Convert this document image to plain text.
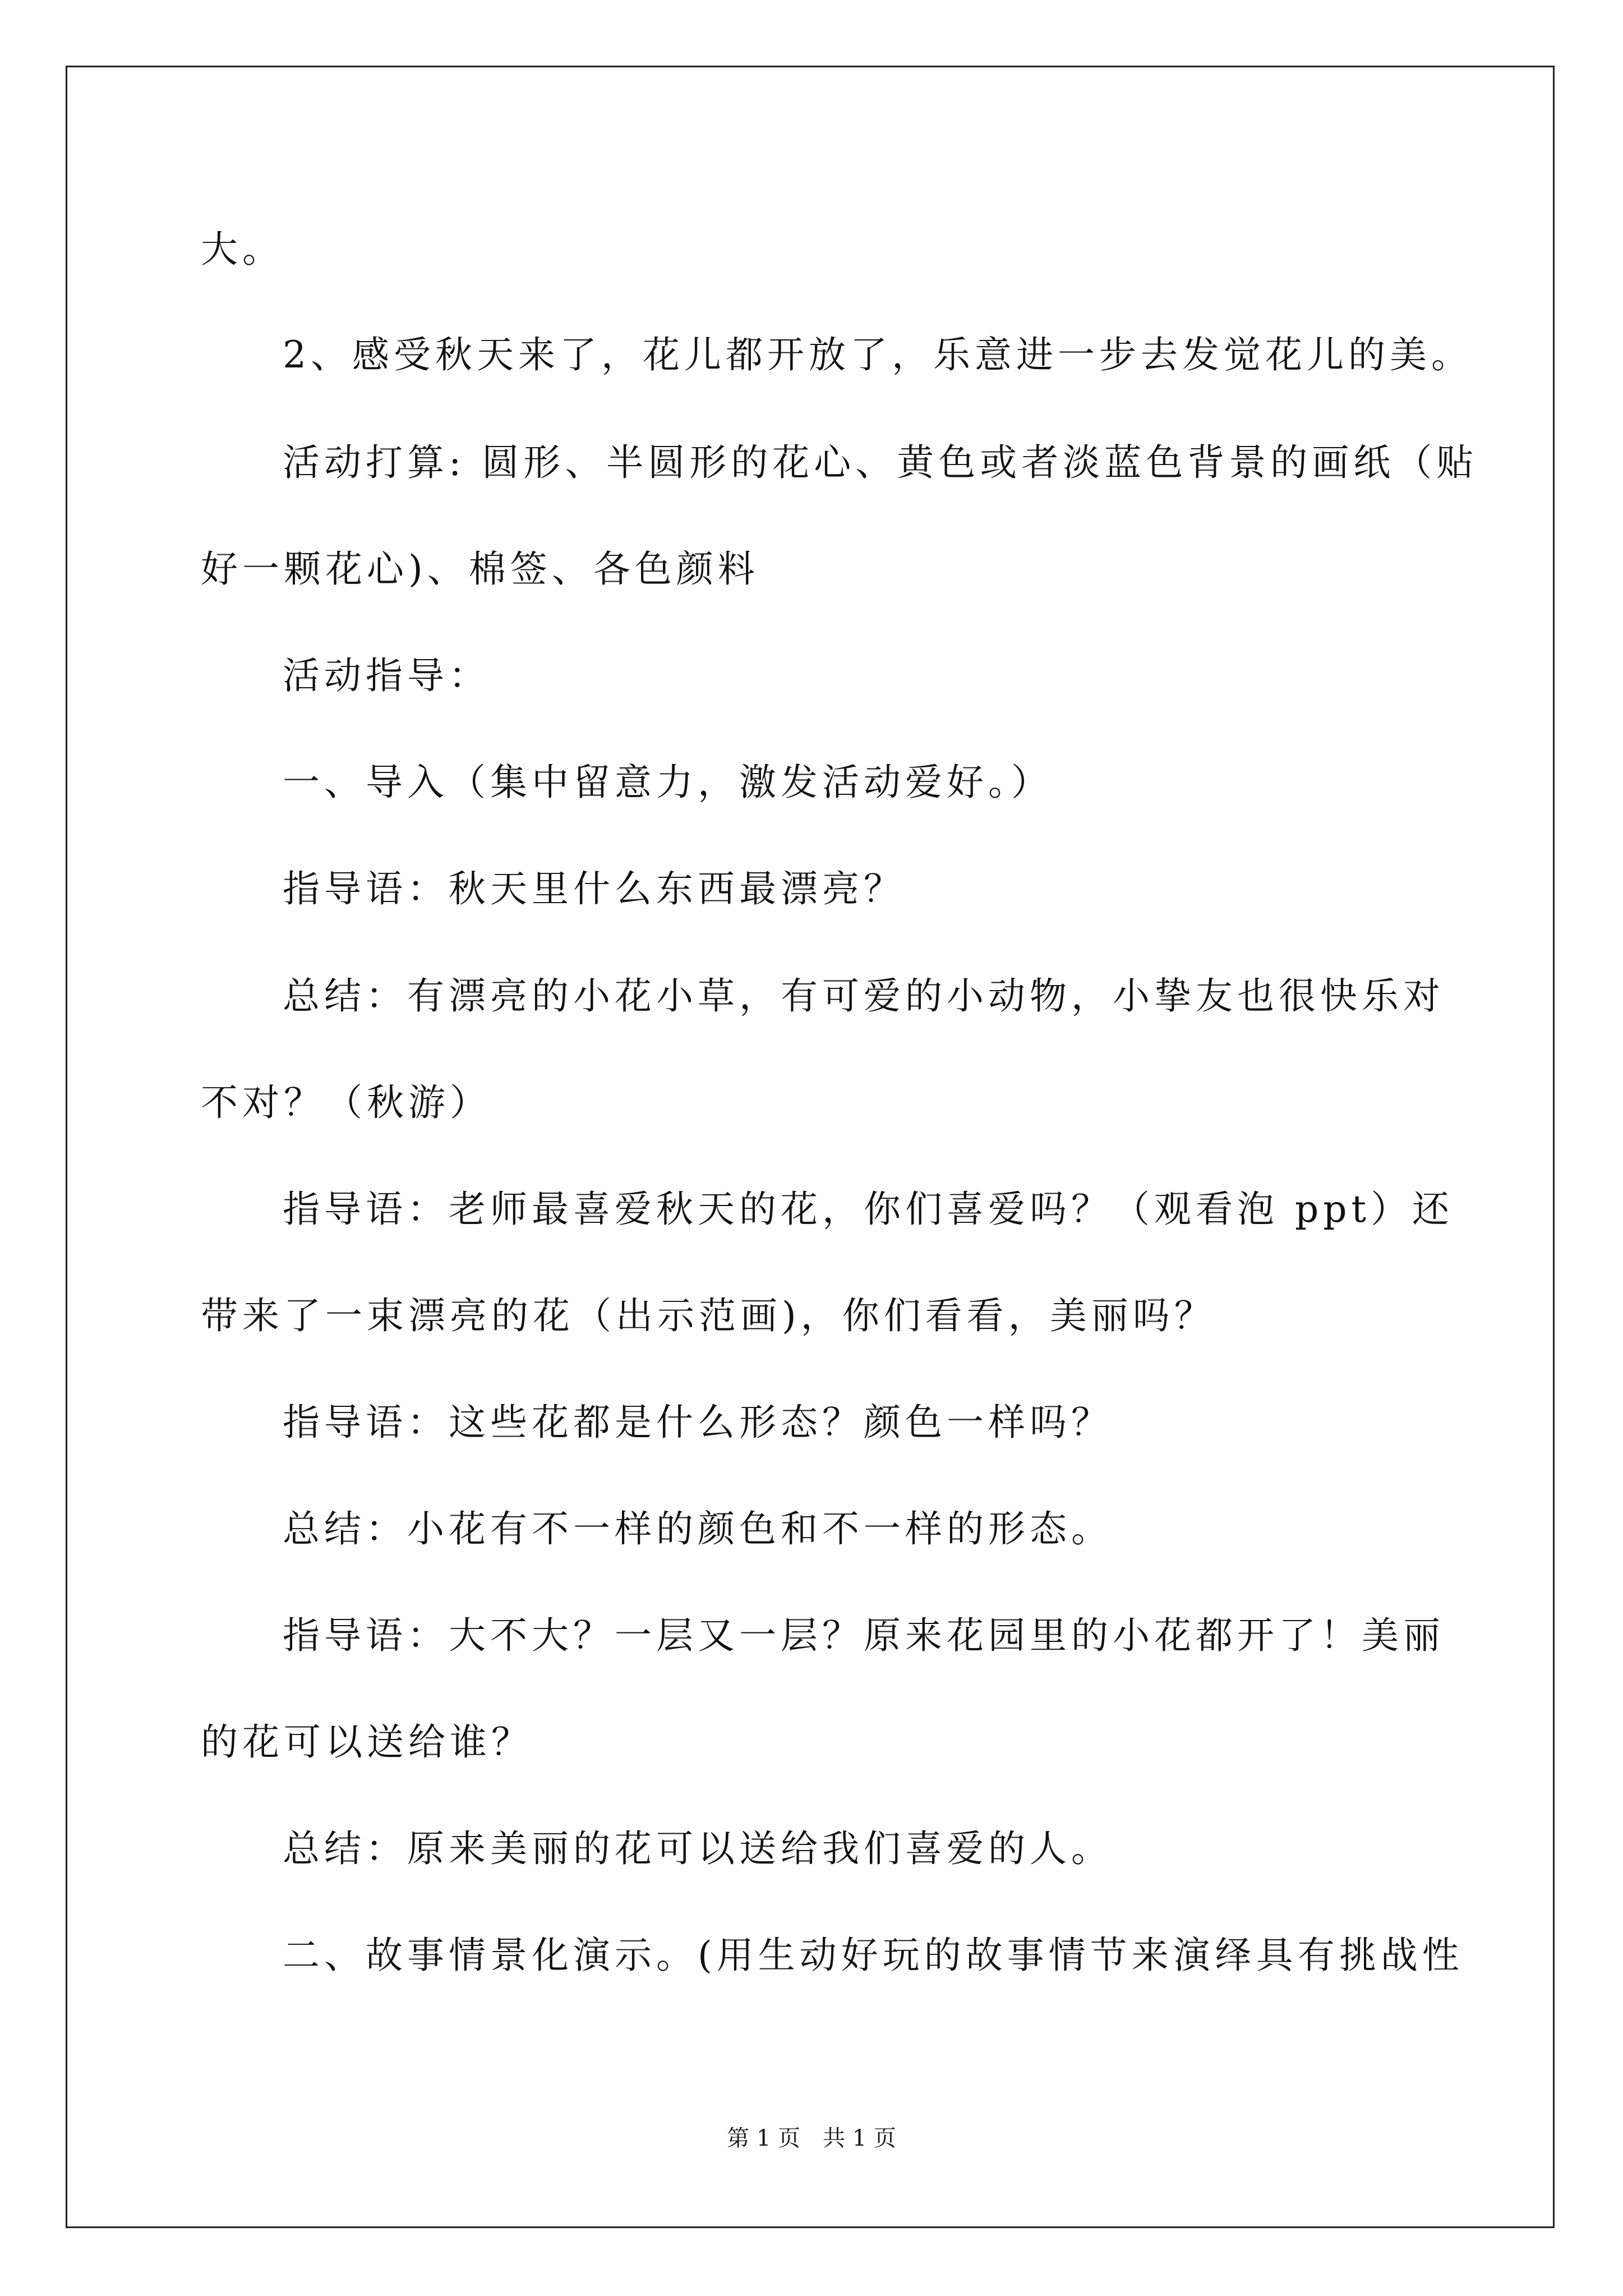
大。
2、感受秋天来了，花儿都开放了，乐意进一步去发觉花儿的美。
活动打算: 圆形、半圆形的花心、黄色或者淡蓝色背景的画纸（贴
好一颗花心)、棉签、各色颜料
活动指导：
一、导入（集中留意力，激发活动爱好。）
指导语：秋天里什么东西最漂亮？
总结：有漂亮的小花小草，有可爱的小动物，小挚友也很快乐对
不对？（秋游）
指导语：老师最喜爱秋天的花，你们喜爱吗？（观看泡 ppt）还
带来了一束漂亮的花（出示范画)，你们看看，美丽吗？
指导语：这些花都是什么形态？颜色一样吗？
总结：小花有不一样的颜色和不一样的形态。
指导语：大不大？一层又一层？原来花园里的小花都开了！美丽
的花可以送给谁？
总结：原来美丽的花可以送给我们喜爱的人。
二、故事情景化演示。(用生动好玩的故事情节来演绎具有挑战性
第 1 页　共 1 页
